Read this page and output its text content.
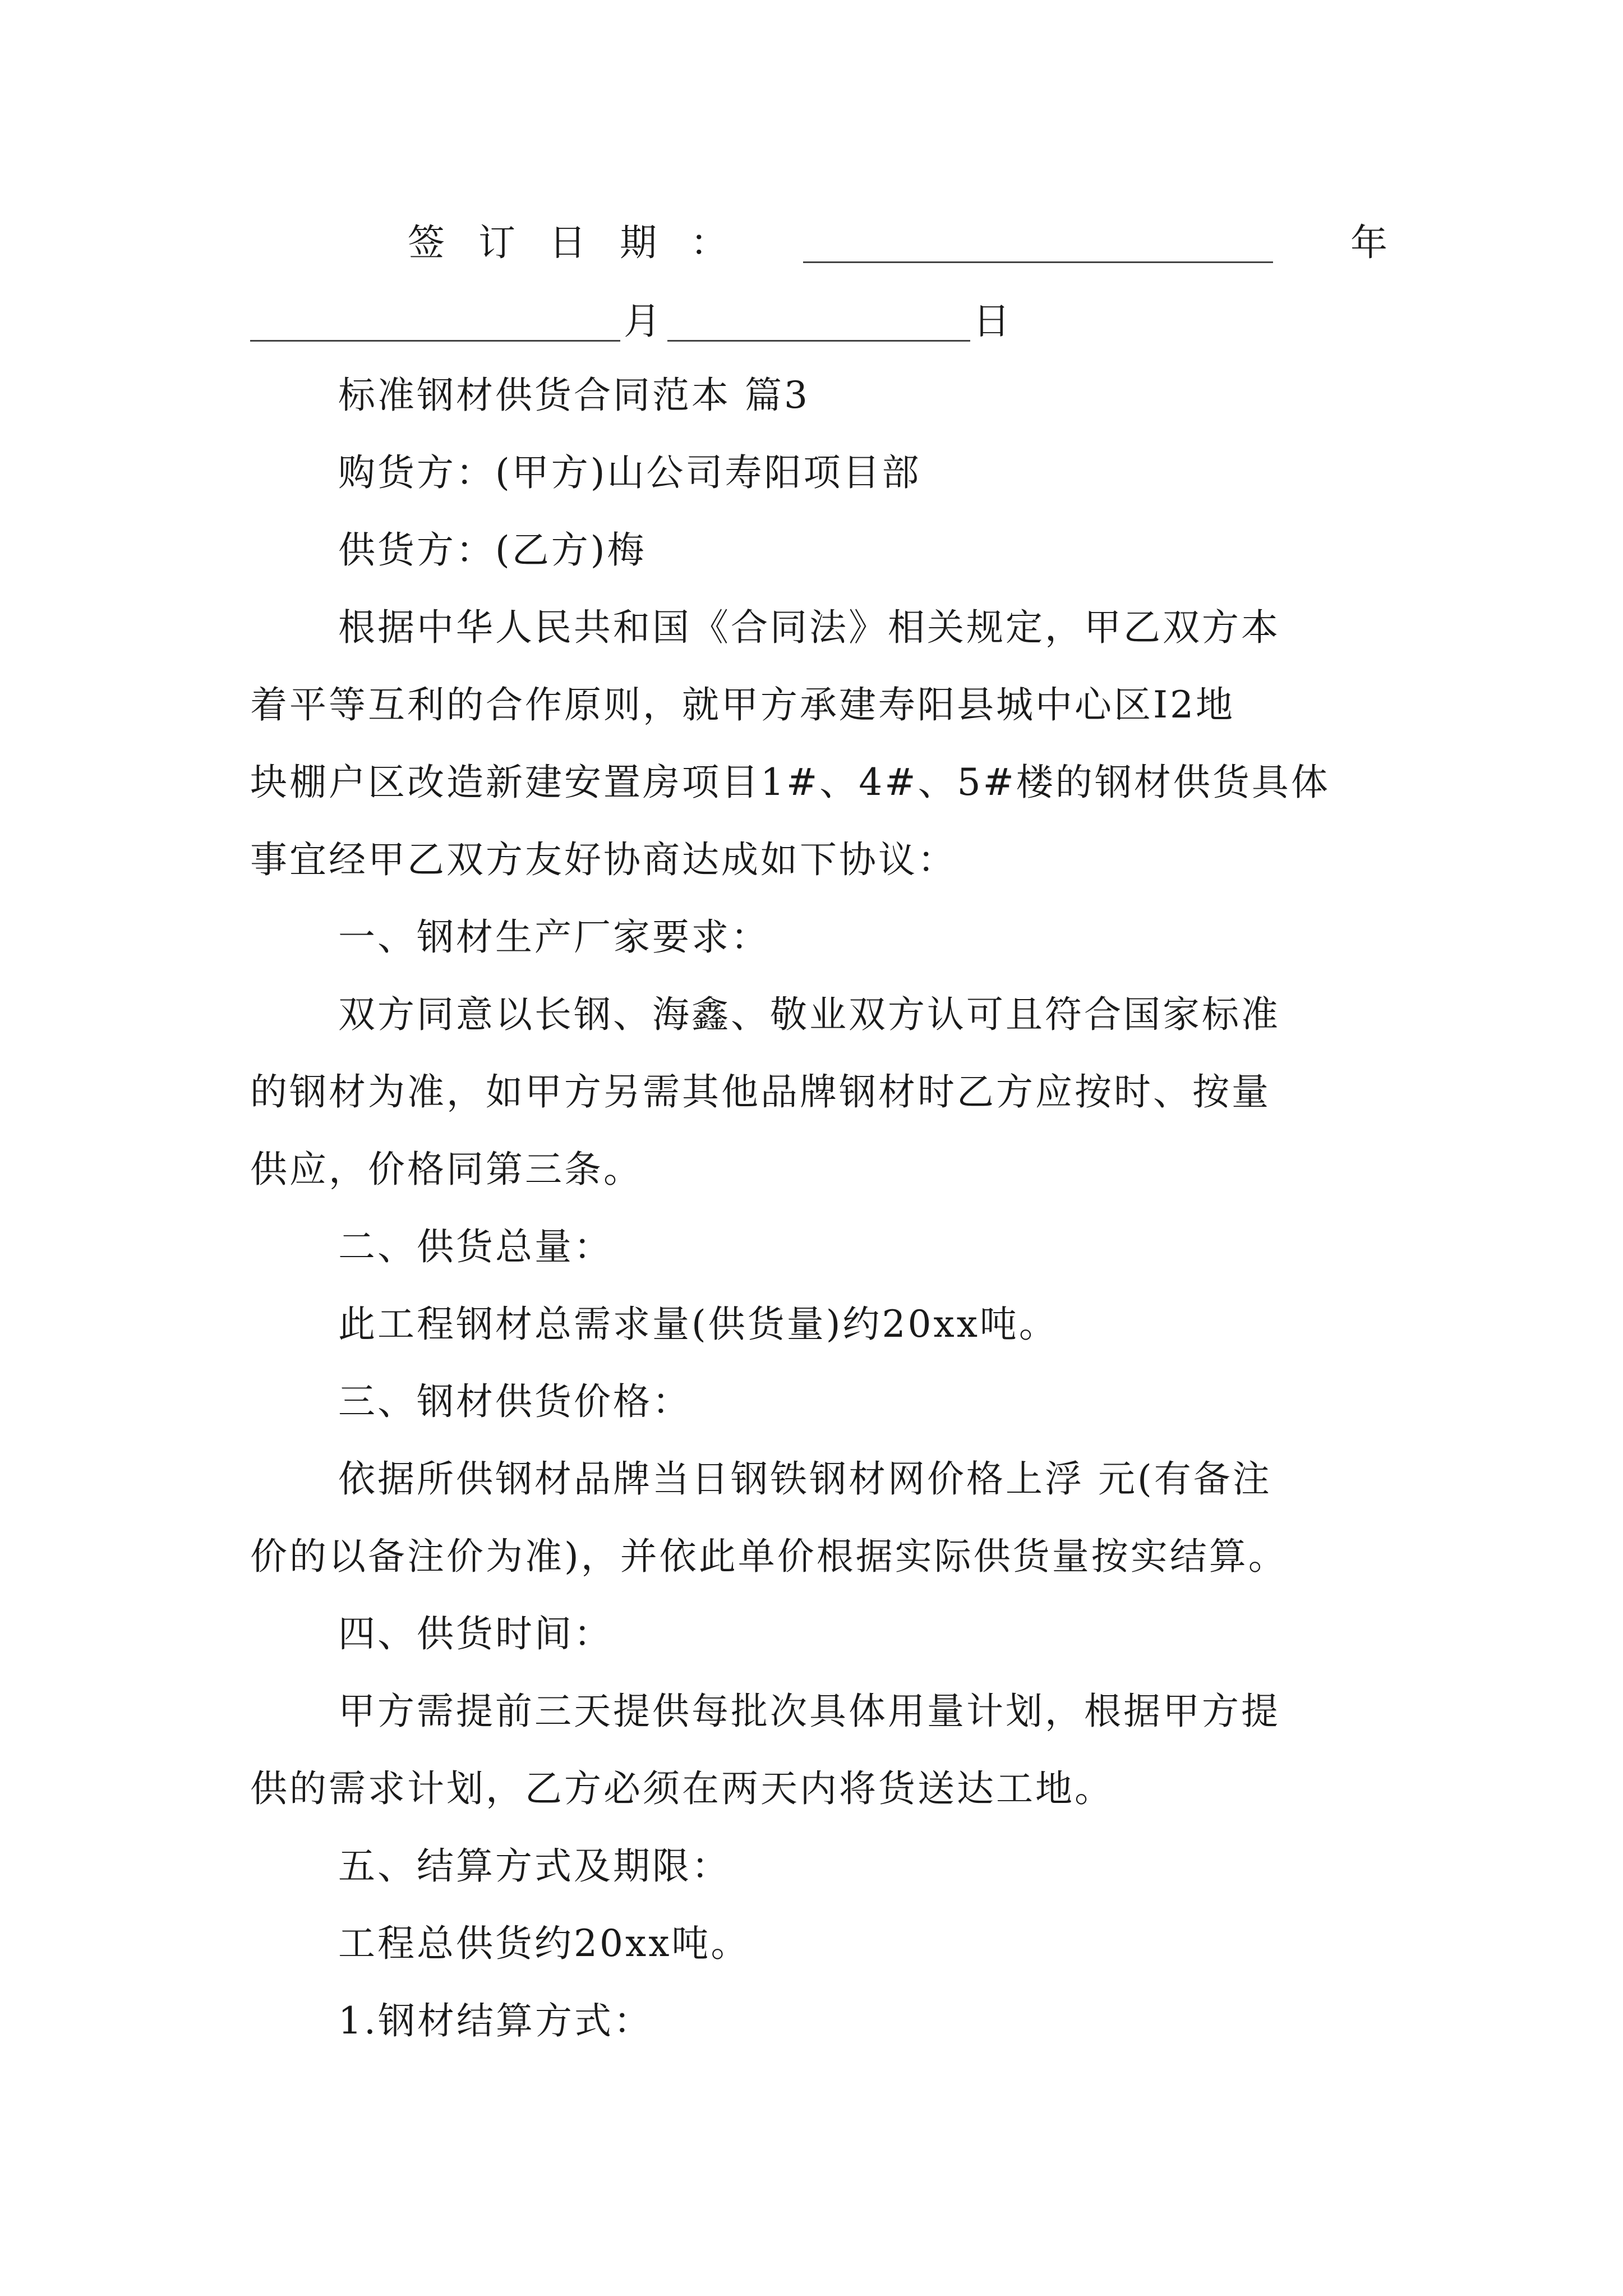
签订日期：	年
月	日
标准钢材供货合同范本 篇3
购货方：(甲方)山公司寿阳项目部
供货方：(乙方)梅
根据中华人民共和国《合同法》相关规定，甲乙双方本
着平等互利的合作原则，就甲方承建寿阳县城中心区I2地
块棚户区改造新建安置房项目1#、4#、5#楼的钢材供货具体
事宜经甲乙双方友好协商达成如下协议：
一、钢材生产厂家要求：
双方同意以长钢、海鑫、敬业双方认可且符合国家标准
的钢材为准，如甲方另需其他品牌钢材时乙方应按时、按量
供应，价格同第三条。
二、供货总量：
此工程钢材总需求量(供货量)约20xx吨。
三、钢材供货价格：
依据所供钢材品牌当日钢铁钢材网价格上浮 元(有备注
价的以备注价为准)，并依此单价根据实际供货量按实结算。
四、供货时间：
甲方需提前三天提供每批次具体用量计划，根据甲方提
供的需求计划，乙方必须在两天内将货送达工地。
五、结算方式及期限：
工程总供货约20xx吨。
1.钢材结算方式：
